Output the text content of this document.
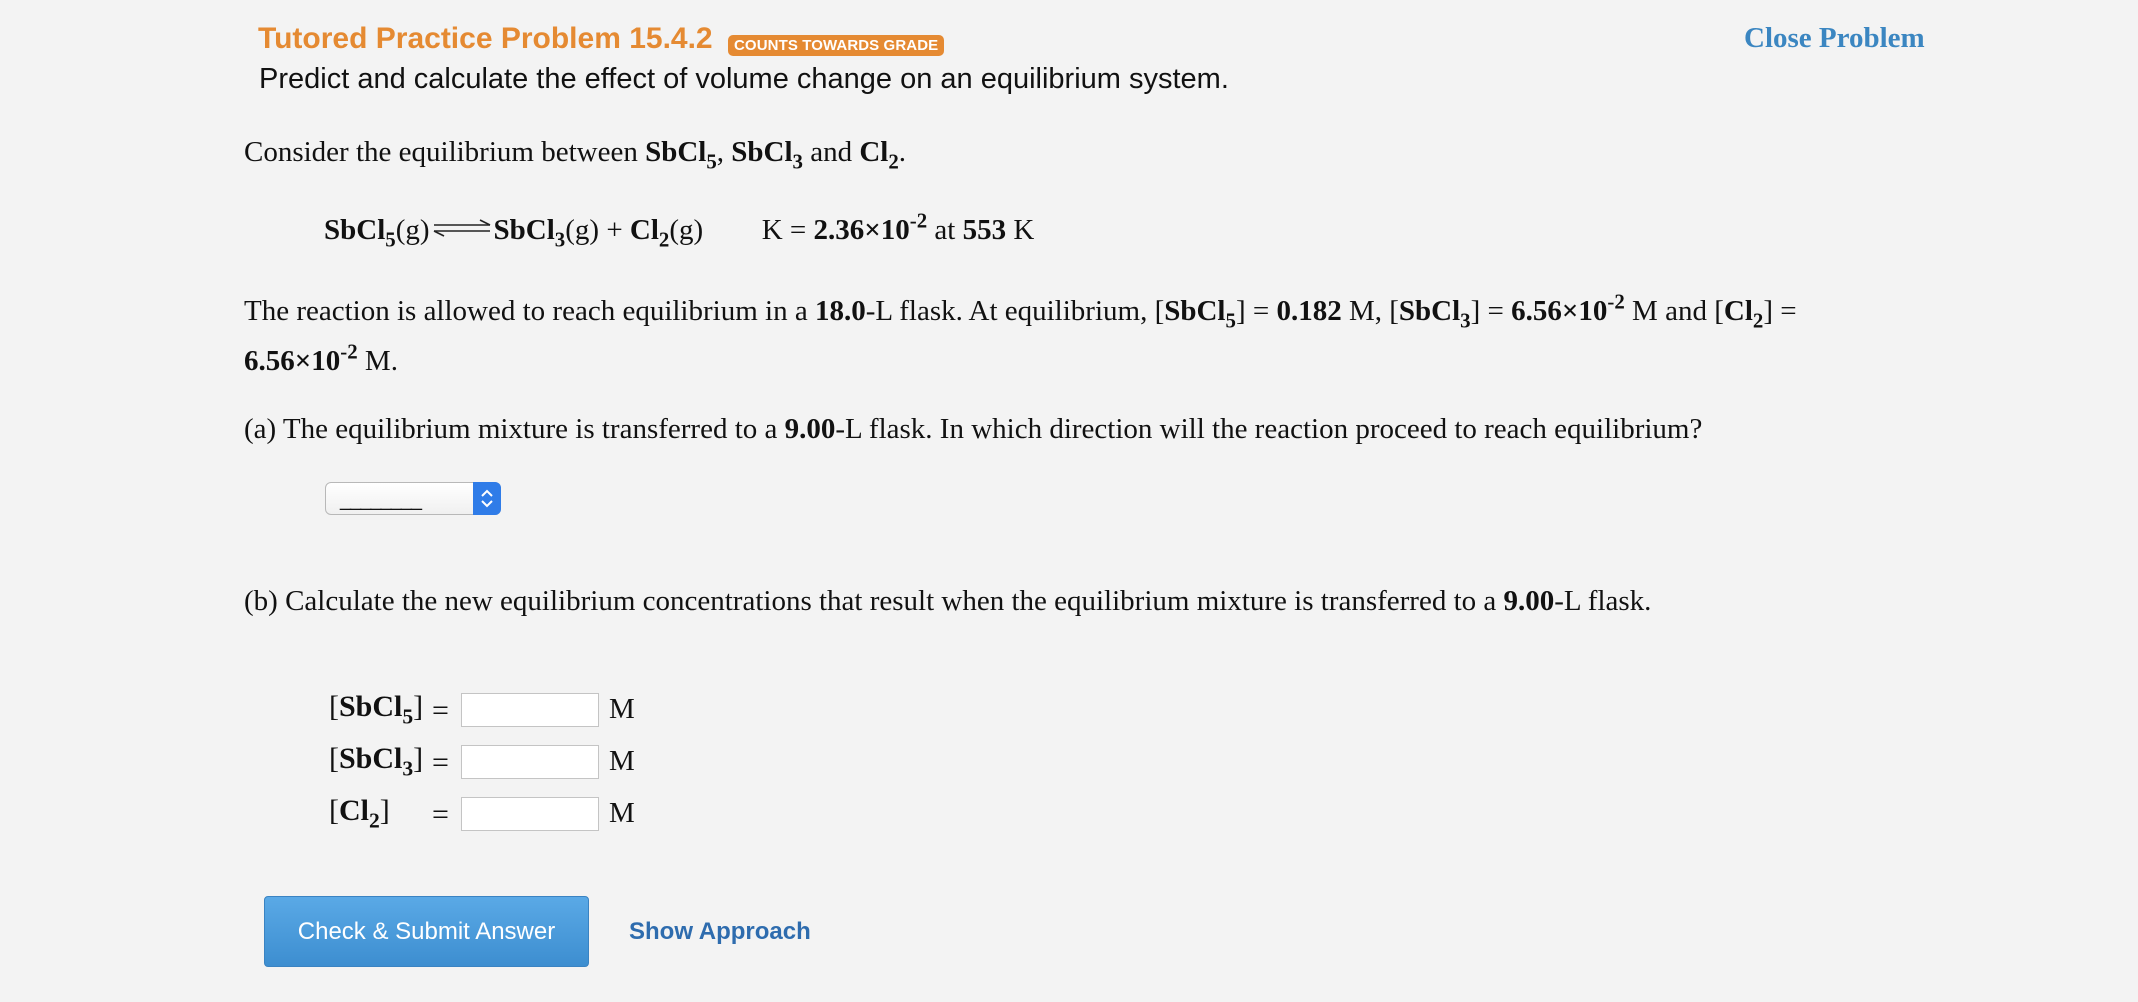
Tutored Practice Problem 15.4.2	COUNTS TOWARDS GRADE
Predict and calculate the effect of volume change on an equilibrium system.
Close Problem
Consider the equilibrium between SbCl$_5$, SbCl$_3$ and $Cl_2$.
SbCl$_5$(g)⇌SbCl$_3$(g) + $Cl_2(g) K = 2.36\times 10^{-2}$ at 553 K
The reaction is allowed to reach equilibrium in a 18.0-L flask. At equilibrium, [SbCl$_5$] = 0.182 M, [SbCl$_3$] = $6.56\times 10^{-2}$ M and $[Cl_2]$ =
$6.56\times 10^{-2}$ M.
(a) The equilibrium mixture is transferred to a 9.00-L flask. In which direction will the reaction proceed to reach equilibrium?
________
(b) Calculate the new equilibrium concentrations that result when the equilibrium mixture is transferred to a 9.00-L flask.
[SbCl$_5$] =	M
[SbCl$_3$] =	M
$[Cl_2]$ =	M
Check & Submit Answer	Show Approach
